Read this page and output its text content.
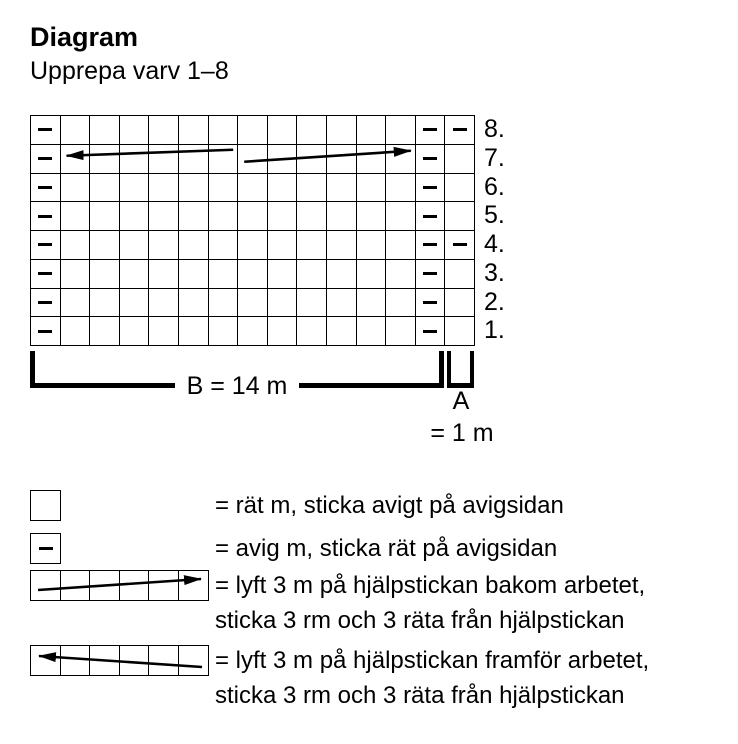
Diagram
Upprepa varv 1–8
8.
7.
6.
5.
4.
3.
2.
1.
B = 14 m
A
= 1 m
= rät m, sticka avigt på avigsidan
= avig m, sticka rät på avigsidan
= lyft 3 m på hjälpstickan bakom arbetet,
sticka 3 rm och 3 räta från hjälpstickan
= lyft 3 m på hjälpstickan framför arbetet,
sticka 3 rm och 3 räta från hjälpstickan
